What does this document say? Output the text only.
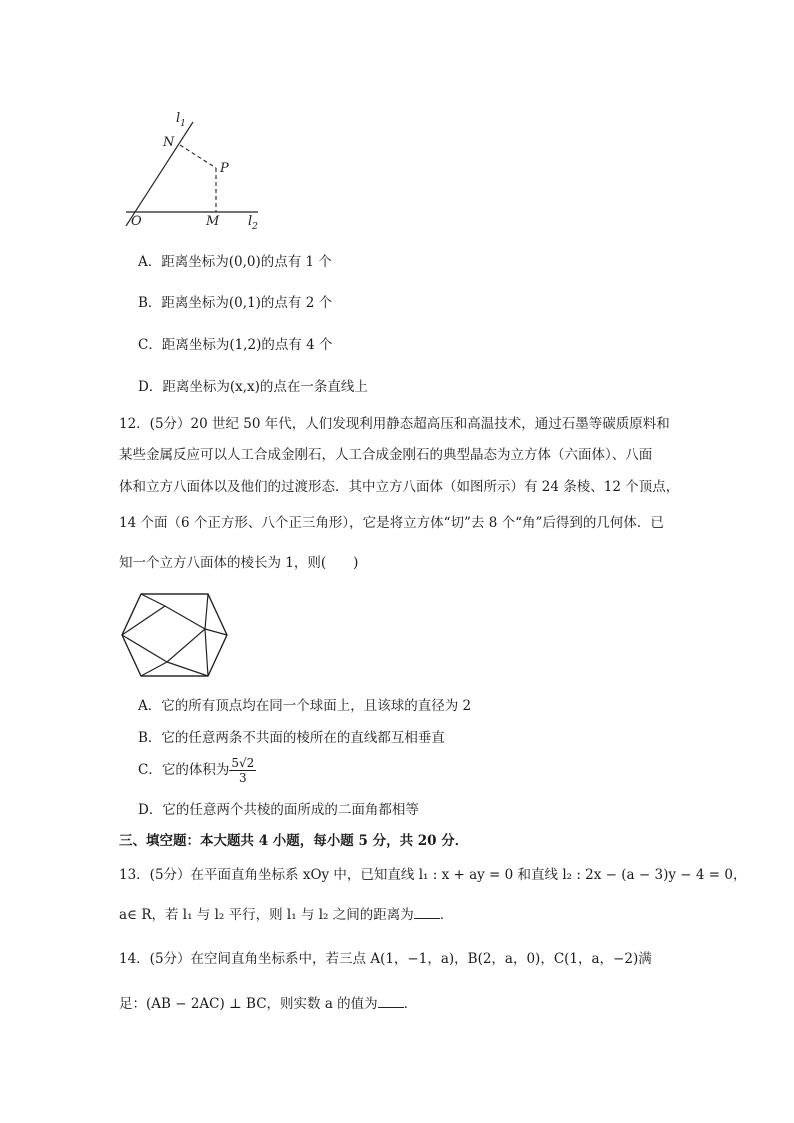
$l_1$
N
P
O	M $l_2$
A．距离坐标为(0,0)的点有 1 个
B．距离坐标为(0,1)的点有 2 个
C．距离坐标为(1,2)的点有 4 个
D．距离坐标为(x,x)的点在一条直线上
12．(5分）20 世纪 50 年代，人们发现利用静态超高压和高温技术，通过石墨等碳质原料和
某些金属反应可以人工合成金刚石，人工合成金刚石的典型晶态为立方体（六面体）、八面
体和立方八面体以及他们的过渡形态．其中立方八面体（如图所示）有 24 条棱、12 个顶点，
14 个面（6 个正方形、八个正三角形），它是将立方体“切”去 8 个“角”后得到的几何体．已
知一个立方八面体的棱长为 1，则(　　)
A．它的所有顶点均在同一个球面上，且该球的直径为 2
B．它的任意两条不共面的棱所在的直线都互相垂直
C．它的体积为 $\frac{5√2}{3}$
D．它的任意两个共棱的面所成的二面角都相等
三、填空题：本大题共 4 小题，每小题 5 分，共 20 分．
13．(5分）在平面直角坐标系 xOy 中，已知直线 l₁ : x + ay = 0 和直线 l₂ : 2x − (a − 3)y − 4 = 0，
a∈ R，若 l₁ 与 l₂ 平行，则 l₁ 与 l₂ 之间的距离为 ．
14．(5分）在空间直角坐标系中，若三点 A(1，−1，a)，B(2，a，0)，C(1，a，−2)满
足：(AB − 2AC) ⊥ BC，则实数 a 的值为 ．
